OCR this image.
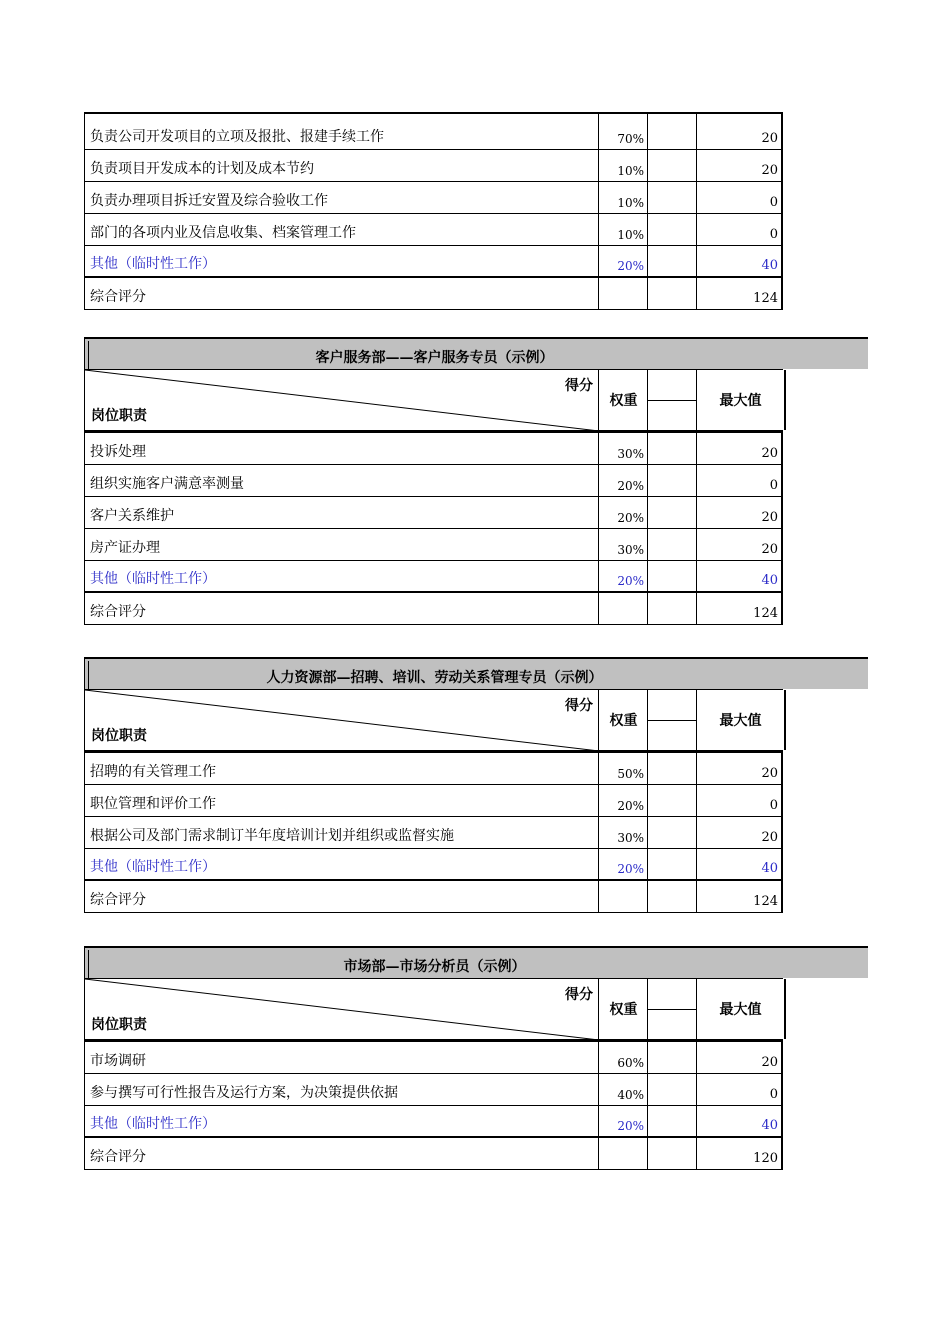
负责公司开发项目的立项及报批、报建手续工作	70%	20
负责项目开发成本的计划及成本节约	10%	20
负责办理项目拆迁安置及综合验收工作	10%	0
部门的各项内业及信息收集、档案管理工作	10%	0
其他（临时性工作）	20%	40
综合评分	124
客户服务部——客户服务专员（示例）
得分
岗位职责
权重	最大值
投诉处理	30%	20
组织实施客户满意率测量	20%	0
客户关系维护	20%	20
房产证办理	30%	20
其他（临时性工作）	20%	40
综合评分	124
人力资源部—招聘、培训、劳动关系管理专员（示例）
得分
岗位职责
权重	最大值
招聘的有关管理工作	50%	20
职位管理和评价工作	20%	0
根据公司及部门需求制订半年度培训计划并组织或监督实施	30%	20
其他（临时性工作）	20%	40
综合评分	124
市场部—市场分析员（示例）
得分
岗位职责
权重	最大值
市场调研	60%	20
参与撰写可行性报告及运行方案，为决策提供依据	40%	0
其他（临时性工作）	20%	40
综合评分	120
